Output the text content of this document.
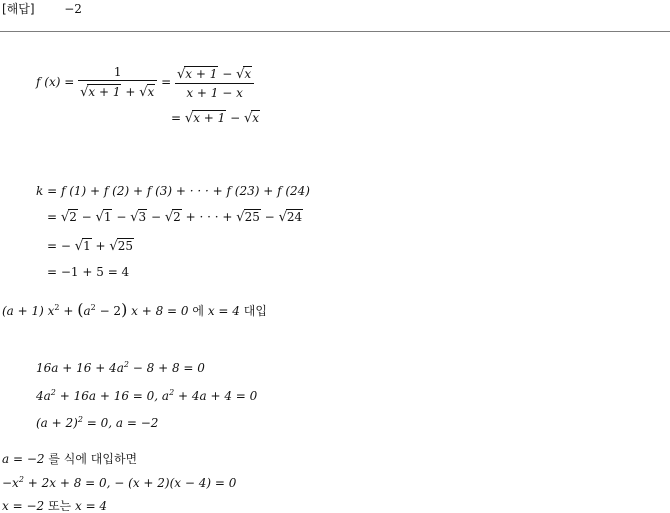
[해답] −2
f $(x) = \frac{1}{√x + 1 + √x} = \frac{√x + 1 - √x}{x + 1 - x}$
= √x + 1 − √x
k = f (1) + f (2) + f (3) + · · · + f (23) + f (24)
= √2 − √1 − √3 − √2 + · · · + √25 − √24
= − √1 + √25
= −1 + 5 = 4
(a + 1) $x^2 + (a^2 - 2) x + 8 = 0$ 에 x = 4 대입
$16a + 16 + 4a^2 - 8 + 8 = 0$
$4a^2 + 16a + 16 = 0$, $a^2 + 4a + 4 = 0$
$(a + 2)^2 = 0$, a = −2
a = −2 를 식에 대입하면
$-x^2 + 2x + 8 = 0$, − (x + 2)(x − 4) = 0
x = −2 또는 x = 4
